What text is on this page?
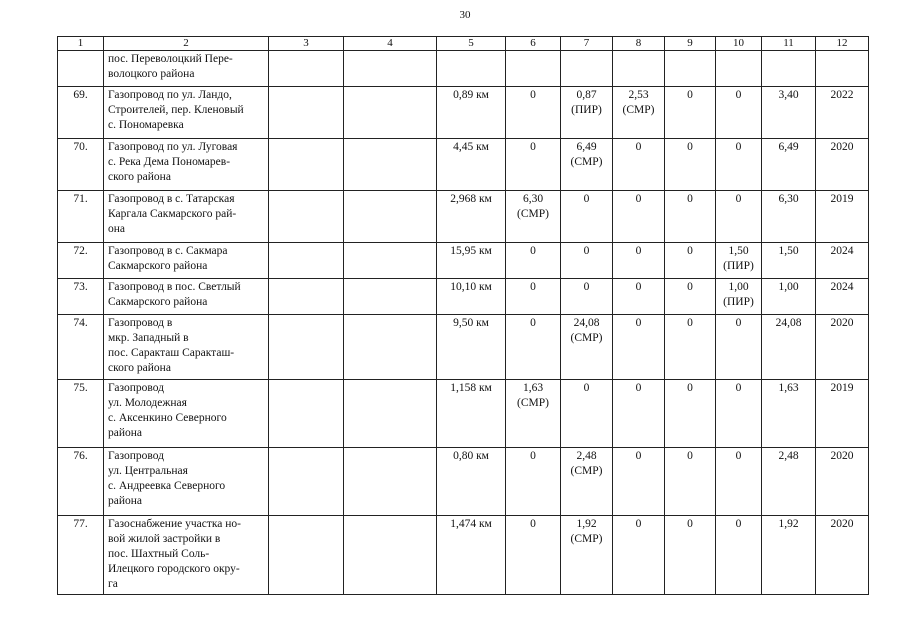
30
1	2	3	4	5	6	7	8	9	10	11	12
	пос. Переволоцкий Пере-
волоцкого района										
69.	Газопровод по ул. Ландо,
Строителей, пер. Кленовый
с. Пономаревка			0,89 км	0	0,87
(ПИР)	2,53
(СМР)	0	0	3,40	2022
70.	Газопровод по ул. Луговая
с. Река Дема Пономарев-
ского района			4,45 км	0	6,49
(СМР)	0	0	0	6,49	2020
71.	Газопровод в с. Татарская
Каргала Сакмарского рай-
она			2,968 км	6,30
(СМР)	0	0	0	0	6,30	2019
72.	Газопровод в с. Сакмара
Сакмарского района			15,95 км	0	0	0	0	1,50
(ПИР)	1,50	2024
73.	Газопровод в пос. Светлый
Сакмарского района			10,10 км	0	0	0	0	1,00
(ПИР)	1,00	2024
74.	Газопровод в
мкр. Западный в
пос. Саракташ Саракташ-
ского района			9,50 км	0	24,08
(СМР)	0	0	0	24,08	2020
75.	Газопровод
ул. Молодежная
с. Аксенкино Северного
района			1,158 км	1,63
(СМР)	0	0	0	0	1,63	2019
76.	Газопровод
ул. Центральная
с. Андреевка Северного
района			0,80 км	0	2,48
(СМР)	0	0	0	2,48	2020
77.	Газоснабжение участка но-
вой жилой застройки в
пос. Шахтный Соль-
Илецкого городского окру-
га			1,474 км	0	1,92
(СМР)	0	0	0	1,92	2020
